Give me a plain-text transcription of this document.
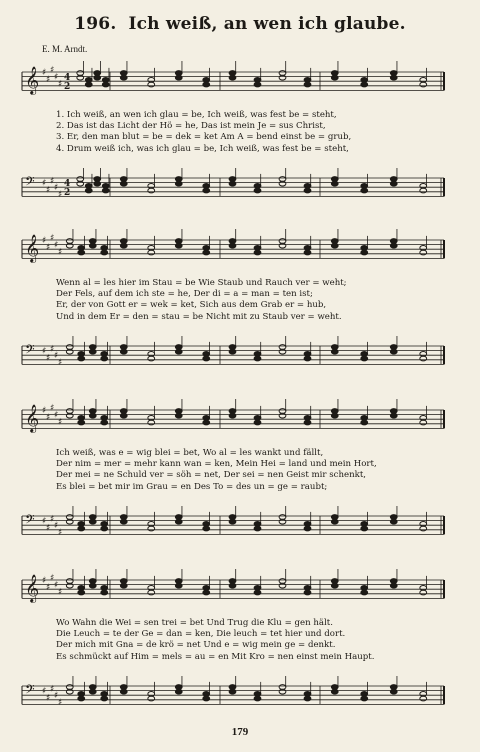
196. Ich weiß, an wen ich glaube.
E. M. Arndt.
𝄞 ♯
♯
♯
♯
♯
4
2
1. Ich weiß, an wen ich glau = be, Ich weiß, was fest be = steht,
2. Das ist das Licht der Hö = he, Das ist mein Je = sus Christ,
3. Er, den man blut = be = dek = ket Am A = bend einst be = grub,
4. Drum weiß ich, was ich glau = be, Ich weiß, was fest be = steht,
𝄢 ♯
♯
♯
♯
♯
4
2
𝄞 ♯
♯
♯
♯
♯
Wenn al = les hier im Stau = be Wie Staub und Rauch ver = weht;
Der Fels, auf dem ich ste = he, Der di = a = man = ten ist;
Er, der von Gott er = wek = ket, Sich aus dem Grab er = hub,
Und in dem Er = den = stau = be Nicht mit zu Staub ver = weht.
𝄢 ♯
♯
♯
♯
♯
𝄞 ♯
♯
♯
♯
♯
Ich weiß, was e = wig blei = bet, Wo al = les wankt und fällt,
Der nim = mer = mehr kann wan = ken, Mein Hei = land und mein Hort,
Der mei = ne Schuld ver = söh = net, Der sei = nen Geist mir schenkt,
Es blei = bet mir im Grau = en Des To = des un = ge = raubt;
𝄢 ♯
♯
♯
♯
♯
𝄞 ♯
♯
♯
♯
♯
Wo Wahn die Wei = sen trei = bet Und Trug die Klu = gen hält.
Die Leuch = te der Ge = dan = ken, Die leuch = tet hier und dort.
Der mich mit Gna = de krö = net Und e = wig mein ge = denkt.
Es schmückt auf Him = mels = au = en Mit Kro = nen einst mein Haupt.
𝄢 ♯
♯
♯
♯
♯
179
